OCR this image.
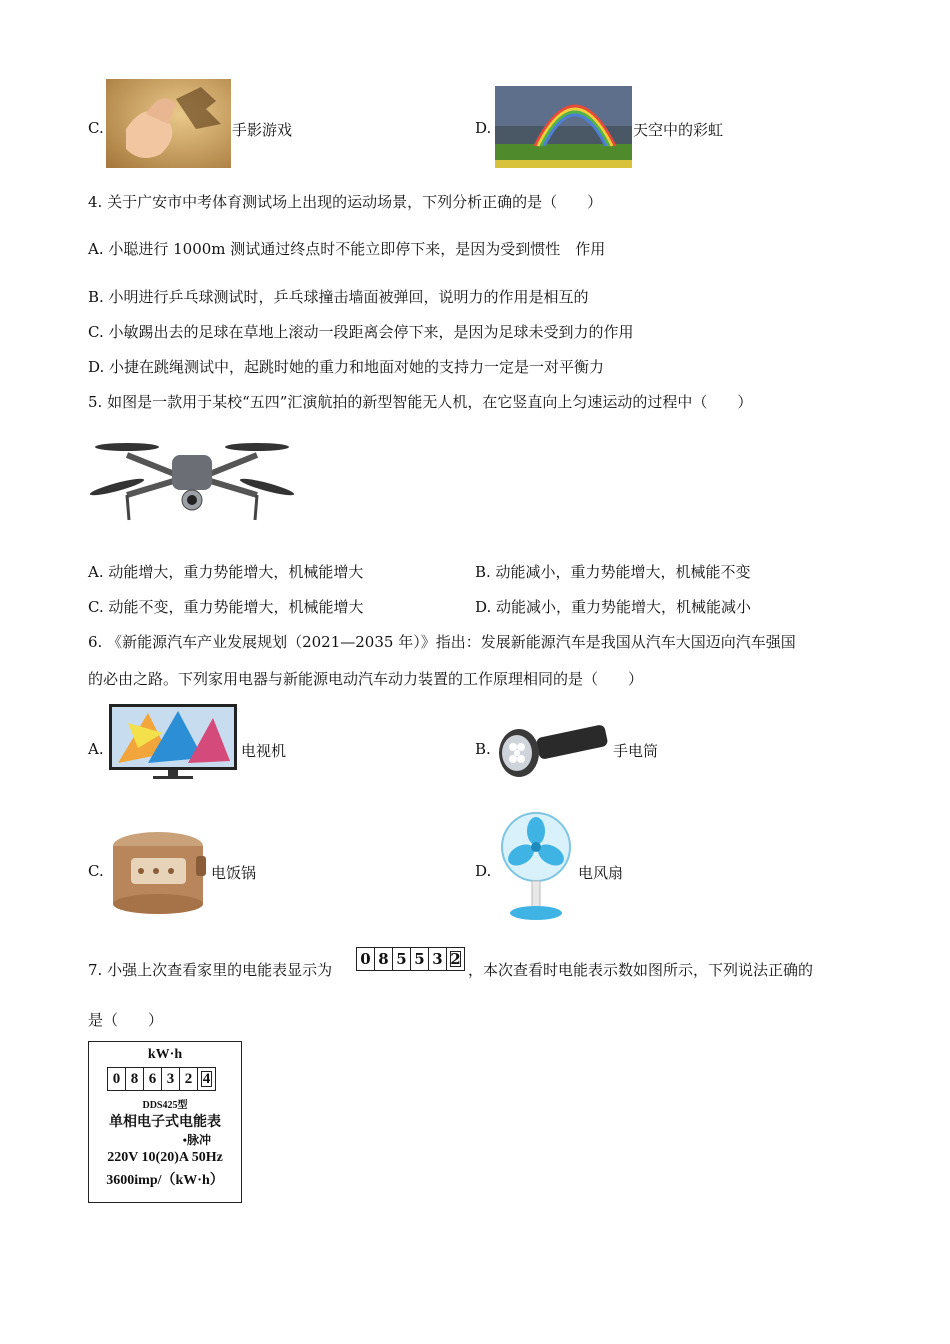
C.	手影游戏	D.	天空中的彩虹
4. 关于广安市中考体育测试场上出现的运动场景，下列分析正确的是（　　）
A. 小聪进行 1000m 测试通过终点时不能立即停下来，是因为受到惯性　作用
B. 小明进行乒乓球测试时，乒乓球撞击墙面被弹回，说明力的作用是相互的
C. 小敏踢出去的足球在草地上滚动一段距离会停下来，是因为足球未受到力的作用
D. 小捷在跳绳测试中，起跳时她的重力和地面对她的支持力一定是一对平衡力
5. 如图是一款用于某校“五四”汇演航拍的新型智能无人机，在它竖直向上匀速运动的过程中（　　）
A. 动能增大，重力势能增大，机械能增大	B. 动能减小，重力势能增大，机械能不变
C. 动能不变，重力势能增大，机械能增大	D. 动能减小，重力势能增大，机械能减小
6. 《新能源汽车产业发展规划（2021—2035 年）》指出：发展新能源汽车是我国从汽车大国迈向汽车强国
的必由之路。下列家用电器与新能源电动汽车动力装置的工作原理相同的是（　　）
A.	电视机	B.	手电筒
C.	电饭锅	D.	电风扇
7. 小强上次查看家里的电能表显示为
0 8 5 5 3 2
，本次查看时电能表示数如图所示，下列说法正确的
是（　　）
kW·h
0 8 6 3 2 4
DDS425型
单相电子式电能表
•脉冲
220V 10(20)A 50Hz
3600imp/（kW·h）
